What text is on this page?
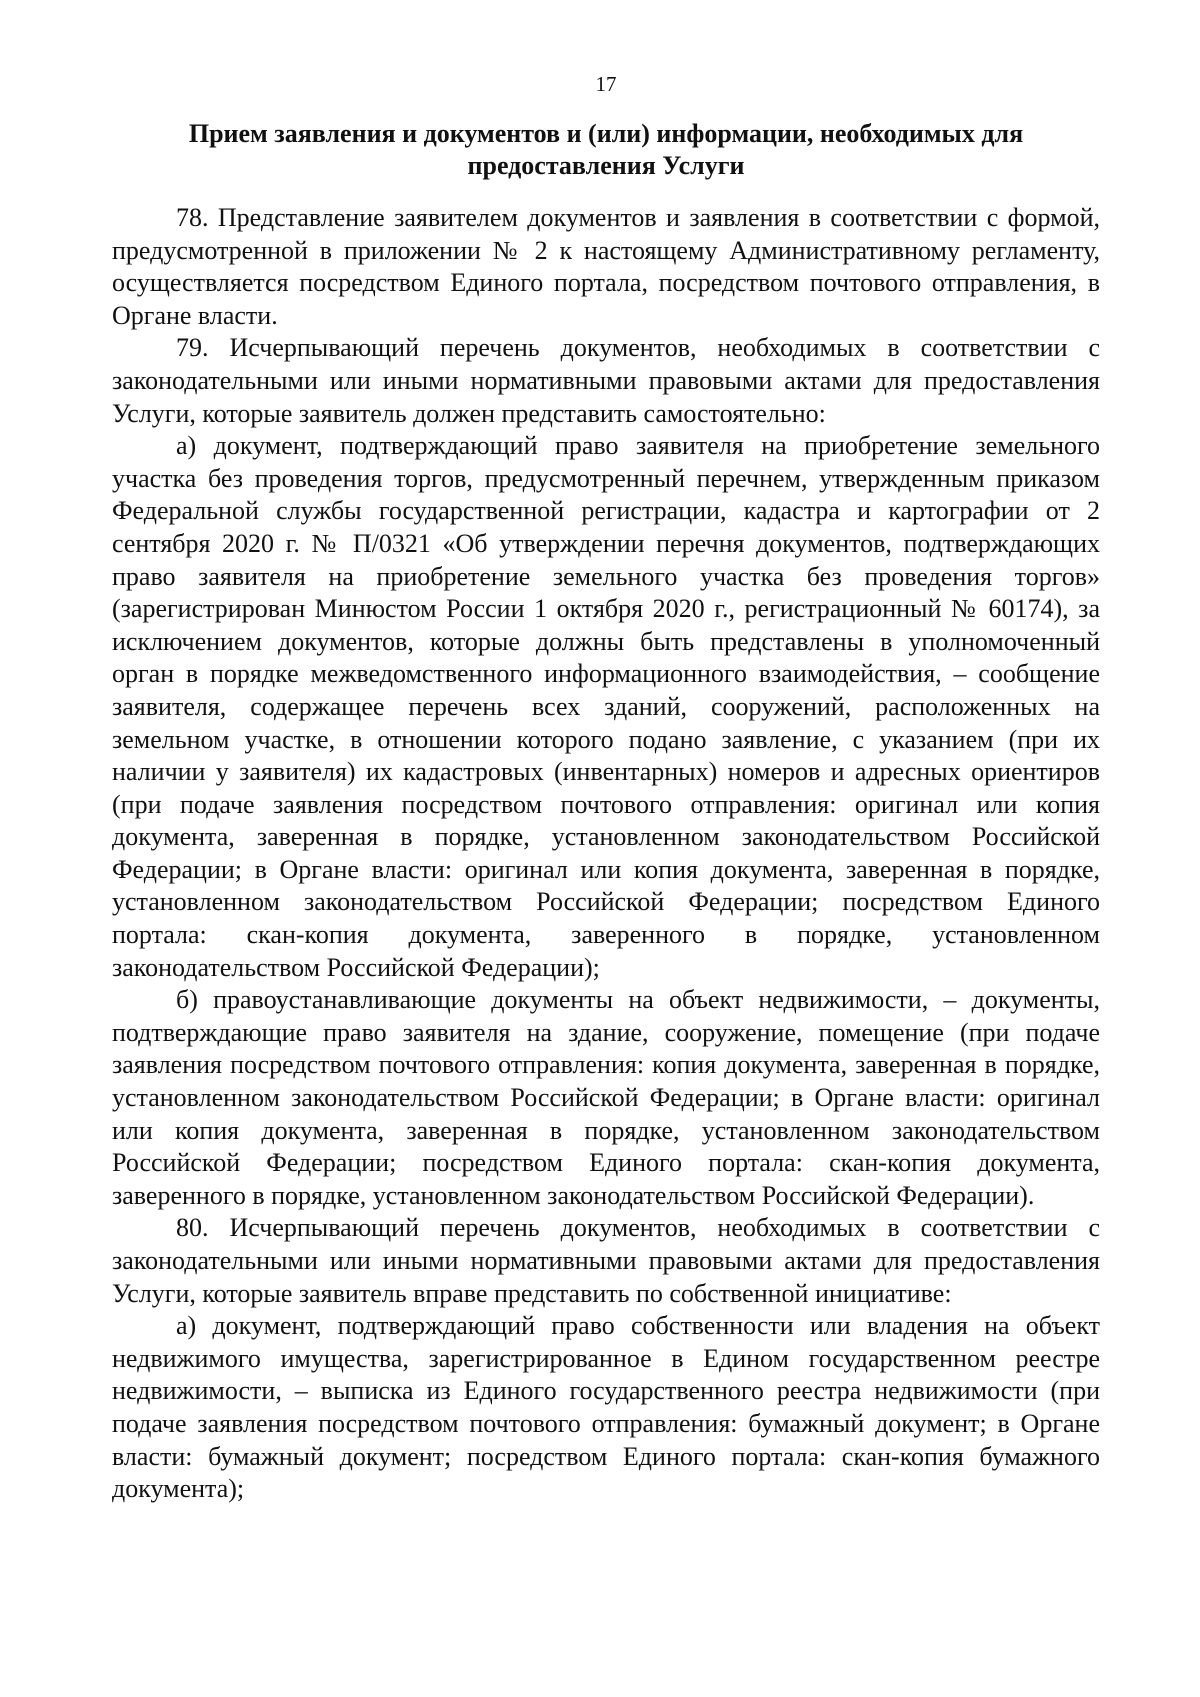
17
Прием заявления и документов и (или) информации, необходимых для предоставления Услуги

78. Представление заявителем документов и заявления в соответствии с формой, предусмотренной в приложении № 2 к настоящему Административному регламенту, осуществляется посредством Единого портала, посредством почтового отправления, в Органе власти.

79. Исчерпывающий перечень документов, необходимых в соответствии с законодательными или иными нормативными правовыми актами для предоставления Услуги, которые заявитель должен представить самостоятельно:

а) документ, подтверждающий право заявителя на приобретение земельного участка без проведения торгов, предусмотренный перечнем, утвержденным приказом Федеральной службы государственной регистрации, кадастра и картографии от 2 сентября 2020 г. № П/0321 «Об утверждении перечня документов, подтверждающих право заявителя на приобретение земельного участка без проведения торгов» (зарегистрирован Минюстом России 1 октября 2020 г., регистрационный № 60174), за исключением документов, которые должны быть представлены в уполномоченный орган в порядке межведомственного информационного взаимодействия, – сообщение заявителя, содержащее перечень всех зданий, сооружений, расположенных на земельном участке, в отношении которого подано заявление, с указанием (при их наличии у заявителя) их кадастровых (инвентарных) номеров и адресных ориентиров (при подаче заявления посредством почтового отправления: оригинал или копия документа, заверенная в порядке, установленном законодательством Российской Федерации; в Органе власти: оригинал или копия документа, заверенная в порядке, установленном законодательством Российской Федерации; посредством Единого портала: скан-копия документа, заверенного в порядке, установленном законодательством Российской Федерации);

б) правоустанавливающие документы на объект недвижимости, – документы, подтверждающие право заявителя на здание, сооружение, помещение (при подаче заявления посредством почтового отправления: копия документа, заверенная в порядке, установленном законодательством Российской Федерации; в Органе власти: оригинал или копия документа, заверенная в порядке, установленном законодательством Российской Федерации; посредством Единого портала: скан-копия документа, заверенного в порядке, установленном законодательством Российской Федерации).

80. Исчерпывающий перечень документов, необходимых в соответствии с законодательными или иными нормативными правовыми актами для предоставления Услуги, которые заявитель вправе представить по собственной инициативе:

а) документ, подтверждающий право собственности или владения на объект недвижимого имущества, зарегистрированное в Едином государственном реестре недвижимости, – выписка из Единого государственного реестра недвижимости (при подаче заявления посредством почтового отправления: бумажный документ; в Органе власти: бумажный документ; посредством Единого портала: скан-копия бумажного документа);
